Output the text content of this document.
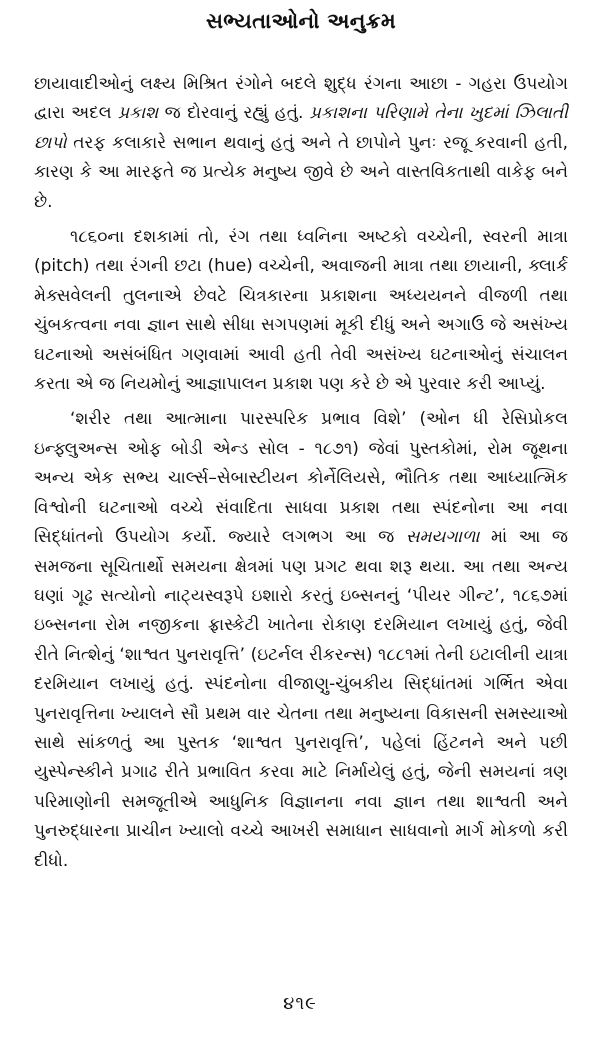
સભ્યતાઓનો અનુક્રમ

છાયાવાદીઓનું લક્ષ્ય મિશ્રિત રંગોને બદલે શુદ્ધ રંગના આછા - ગહરા ઉપયોગ દ્વારા અદલ પ્રકાશ જ દોરવાનું રહ્યું હતું. પ્રકાશના પરિણામે તેના ખુદમાં ઝિલાતી છાપો તરફ કલાકારે સભાન થવાનું હતું અને તે છાપોને પુનઃ રજૂ કરવાની હતી, કારણ કે આ મારફતે જ પ્રત્યેક મનુષ્ય જીવે છે અને વાસ્તવિકતાથી વાકેફ બને છે.

૧૮૬૦ના દશકામાં તો, રંગ તથા ધ્વનિના અષ્ટકો વચ્ચેની, સ્વરની માત્રા (pitch) તથા રંગની છટા (hue) વચ્ચેની, અવાજની માત્રા તથા છાયાની, ક્લાર્ક મેક્સવેલની તુલનાએ છેવટે ચિત્રકારના પ્રકાશના અધ્યયનને વીજળી તથા ચુંબકત્વના નવા જ્ઞાન સાથે સીધા સગપણમાં મૂકી દીધું અને અગાઉ જે અસંખ્ય ઘટનાઓ અસંબંધિત ગણવામાં આવી હતી તેવી અસંખ્ય ઘટનાઓનું સંચાલન કરતા એ જ નિયમોનું આજ્ઞાપાલન પ્રકાશ પણ કરે છે એ પુરવાર કરી આપ્યું.

‘શરીર તથા આત્માના પારસ્પરિક પ્રભાવ વિશે’ (ઓન ધી રેસિપ્રોકલ ઇન્ફ્લુઅન્સ ઓફ બોડી એન્ડ સોલ - ૧૮૭૧) જેવાં પુસ્તકોમાં, રોમ જૂથના અન્ય એક સભ્ય ચાર્લ્સ–સેબાસ્ટીયન કોર્નેલિયસે, ભૌતિક તથા આધ્યાત્મિક વિશ્વોની ઘટનાઓ વચ્ચે સંવાદિતા સાધવા પ્રકાશ તથા સ્પંદનોના આ નવા સિદ્ધાંતનો ઉપયોગ કર્યો. જ્યારે લગભગ આ જ સમયગાળા માં આ જ સમજના સૂચિતાર્થો સમયના ક્ષેત્રમાં પણ પ્રગટ થવા શરૂ થયા. આ તથા અન્ય ઘણાં ગૂઢ સત્યોનો નાટ્યસ્વરૂપે ઇશારો કરતું ઇબ્સનનું ‘પીયર ગીન્ટ’, ૧૮૬૭માં ઇબ્સનના રોમ નજીકના ફ્રાસ્કેટી ખાતેના રોકાણ દરમિયાન લખાયું હતું, જેવી રીતે નિત્શેનું ‘શાશ્વત પુનરાવૃત્તિ’ (ઇટર્નલ રીકરન્સ) ૧૮૮૧માં તેની ઇટાલીની યાત્રા દરમિયાન લખાયું હતું. સ્પંદનોના વીજાણુ-ચુંબકીય સિદ્ધાંતમાં ગર્ભિત એવા પુનરાવૃત્તિના ખ્યાલને સૌ પ્રથમ વાર ચેતના તથા મનુષ્યના વિકાસની સમસ્યાઓ સાથે સાંકળતું આ પુસ્તક ‘શાશ્વત પુનરાવૃત્તિ’, પહેલાં હિંટનને અને પછી યુસ્પેન્સ્કીને પ્રગાઢ રીતે પ્રભાવિત કરવા માટે નિર્માયેલું હતું, જેની સમયનાં ત્રણ પરિમાણોની સમજૂતીએ આધુનિક વિજ્ઞાનના નવા જ્ઞાન તથા શાશ્વતી અને પુનરુદ્ધારના પ્રાચીન ખ્યાલો વચ્ચે આખરી સમાધાન સાધવાનો માર્ગ મોકળો કરી દીધો.

૪૧૯
